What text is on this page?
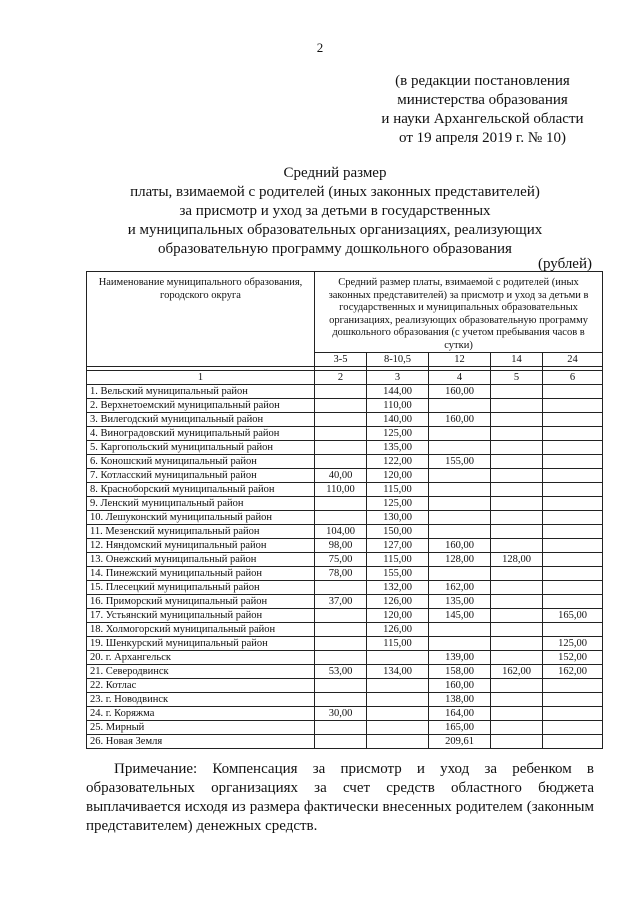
2
(в редакции постановления
министерства образования
и науки Архангельской области
от 19 апреля 2019 г. № 10)
Средний размер
платы, взимаемой с родителей (иных законных представителей)
за присмотр и уход за детьми в государственных
и муниципальных образовательных организациях, реализующих
образовательную программу дошкольного образования
(рублей)
Наименование муниципального образования, городского округа	Средний размер платы, взимаемой с родителей (иных законных представителей) за присмотр и уход за детьми в государственных и муниципальных образовательных организациях, реализующих образовательную программу дошкольного образования (с учетом пребывания часов в сутки)				
	3-5	8-10,5	12	14	24

1	2	3	4	5	6
1. Вельский муниципальный район		144,00	160,00		
2. Верхнетоемский муниципальный район		110,00			
3. Вилегодский муниципальный район		140,00	160,00		
4. Виноградовский муниципальный район		125,00			
5. Каргопольский муниципальный район		135,00			
6. Коношский муниципальный район		122,00	155,00		
7. Котласский муниципальный район	40,00	120,00			
8. Красноборский муниципальный район	110,00	115,00			
9. Ленский муниципальный район		125,00			
10. Лешуконский муниципальный район		130,00			
11. Мезенский муниципальный район	104,00	150,00			
12. Няндомский муниципальный район	98,00	127,00	160,00		
13. Онежский муниципальный район	75,00	115,00	128,00	128,00	
14. Пинежский муниципальный район	78,00	155,00			
15. Плесецкий муниципальный район		132,00	162,00		
16. Приморский муниципальный район	37,00	126,00	135,00		
17. Устьянский муниципальный район		120,00	145,00		165,00
18. Холмогорский муниципальный район		126,00			
19. Шенкурский муниципальный район		115,00			125,00
20. г. Архангельск			139,00		152,00
21. Северодвинск	53,00	134,00	158,00	162,00	162,00
22. Котлас			160,00		
23. г. Новодвинск			138,00		
24. г. Коряжма	30,00		164,00		
25. Мирный			165,00		
26. Новая Земля			209,61		

Примечание: Компенсация за присмотр и уход за ребенком в образовательных организациях за счет средств областного бюджета выплачивается исходя из размера фактически внесенных родителем (законным представителем) денежных средств.
